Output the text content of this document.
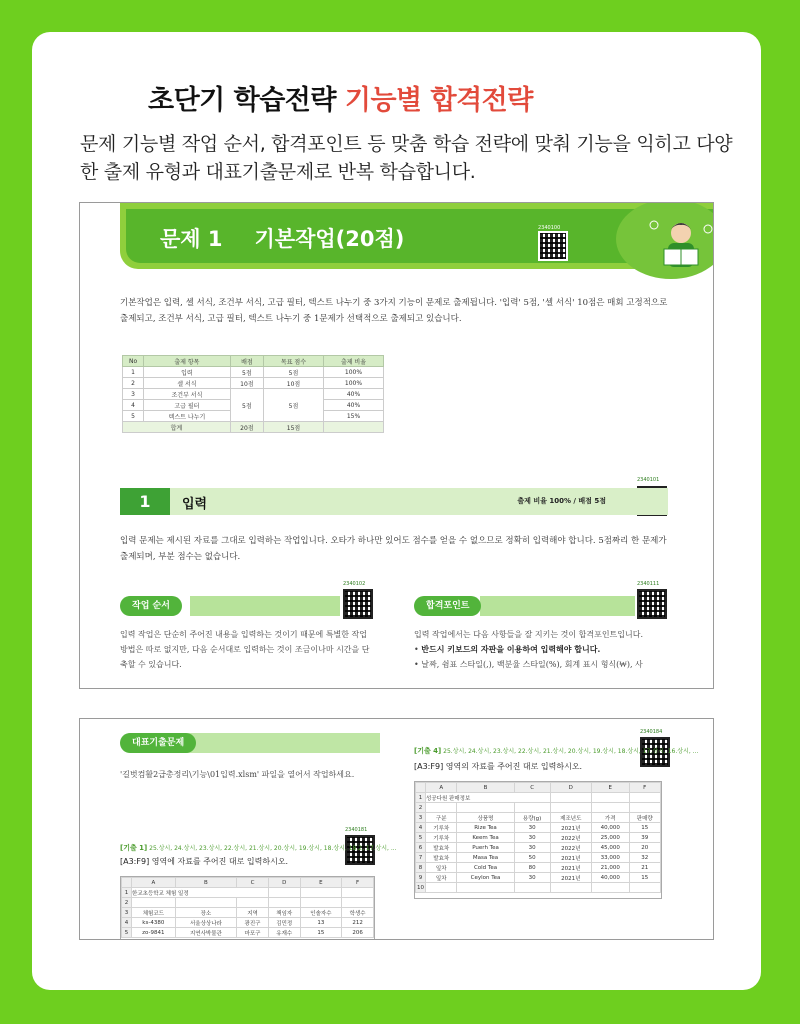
초단기 학습전략 기능별 합격전략
문제 기능별 작업 순서, 합격포인트 등 맞춤 학습 전략에 맞춰 기능을 익히고 다양한 출제 유형과 대표기출문제로 반복 학습합니다.
문제 1 기본작업(20점)	2340100
기본작업은 입력, 셀 서식, 조건부 서식, 고급 필터, 텍스트 나누기 중 3가지 기능이 문제로 출제됩니다. '입력' 5점, '셀 서식' 10점은 매회 고정적으로 출제되고, 조건부 서식, 고급 필터, 텍스트 나누기 중 1문제가 선택적으로 출제되고 있습니다.
No	출제 항목	배점	목표 점수	출제 비율
1	입력	5점	5점	100%
2	셀 서식	10점	10점	100%
3	조건부 서식	5점	5점	40%
4	고급 필터			40%
5	텍스트 나누기			15%
합계		20점	15점	
2340101
1	입력	출제 비율 100% / 배점 5점
입력 문제는 제시된 자료를 그대로 입력하는 작업입니다. 오타가 하나만 있어도 점수를 얻을 수 없으므로 정확히 입력해야 합니다. 5점짜리 한 문제가 출제되며, 부분 점수는 없습니다.
작업 순서
2340102
입력 작업은 단순히 주어진 내용을 입력하는 것이기 때문에 특별한 작업 방법은 따로 없지만, 다음 순서대로 입력하는 것이 조금이나마 시간을 단축할 수 있습니다.
합격포인트
2340111
입력 작업에서는 다음 사항들을 잘 지키는 것이 합격포인트입니다.
• 반드시 키보드의 자판을 이용하여 입력해야 합니다.
• 날짜, 쉼표 스타일(,), 백분율 스타일(%), 회계 표시 형식(₩), 사
대표기출문제
'길벗컴활2급총정리\기능\01입력.xlsm' 파일을 열어서 작업하세요.
2340181
[기출 1] 25.상시, 24.상시, 23.상시, 22.상시, 21.상시, 20.상시, 19.상시, 18.상시, 18.2, 17.상시, ...
[A3:F9] 영역에 자료를 주어진 대로 입력하시오.
	A	B	C	D	E	F
1	한교초등학교 체험 일정					
2						
3	체험코드	장소	지역	책임자	인솔자수	학생수
4	ks-4380	서울상상나라	광진구	김민정	13	212
5	zo-9841	지연사박물관	마포구	유재수	15	206
2340184
[기출 4] 25.상시, 24.상시, 23.상시, 22.상시, 21.상시, 20.상시, 19.상시, 18.상시, 17.상시, 16.상시, ...
[A3:F9] 영역의 자료를 주어진 대로 입력하시오.
	A	B	C	D	E	F
1	성공다원 판매정보					
2						
3	구분	상품명	용량(g)	제조년도	가격	판매량
4	기루차	Rize Tea	30	2021년	40,000	15
5	기루차	Keem Tea	30	2022년	25,000	39
6	발효차	Puerh Tea	30	2022년	45,000	20
7	발효차	Masa Tea	50	2021년	33,000	32
8	잎차	Cold Tea	80	2021년	21,000	21
9	잎차	Ceylon Tea	30	2021년	40,000	15
10						
